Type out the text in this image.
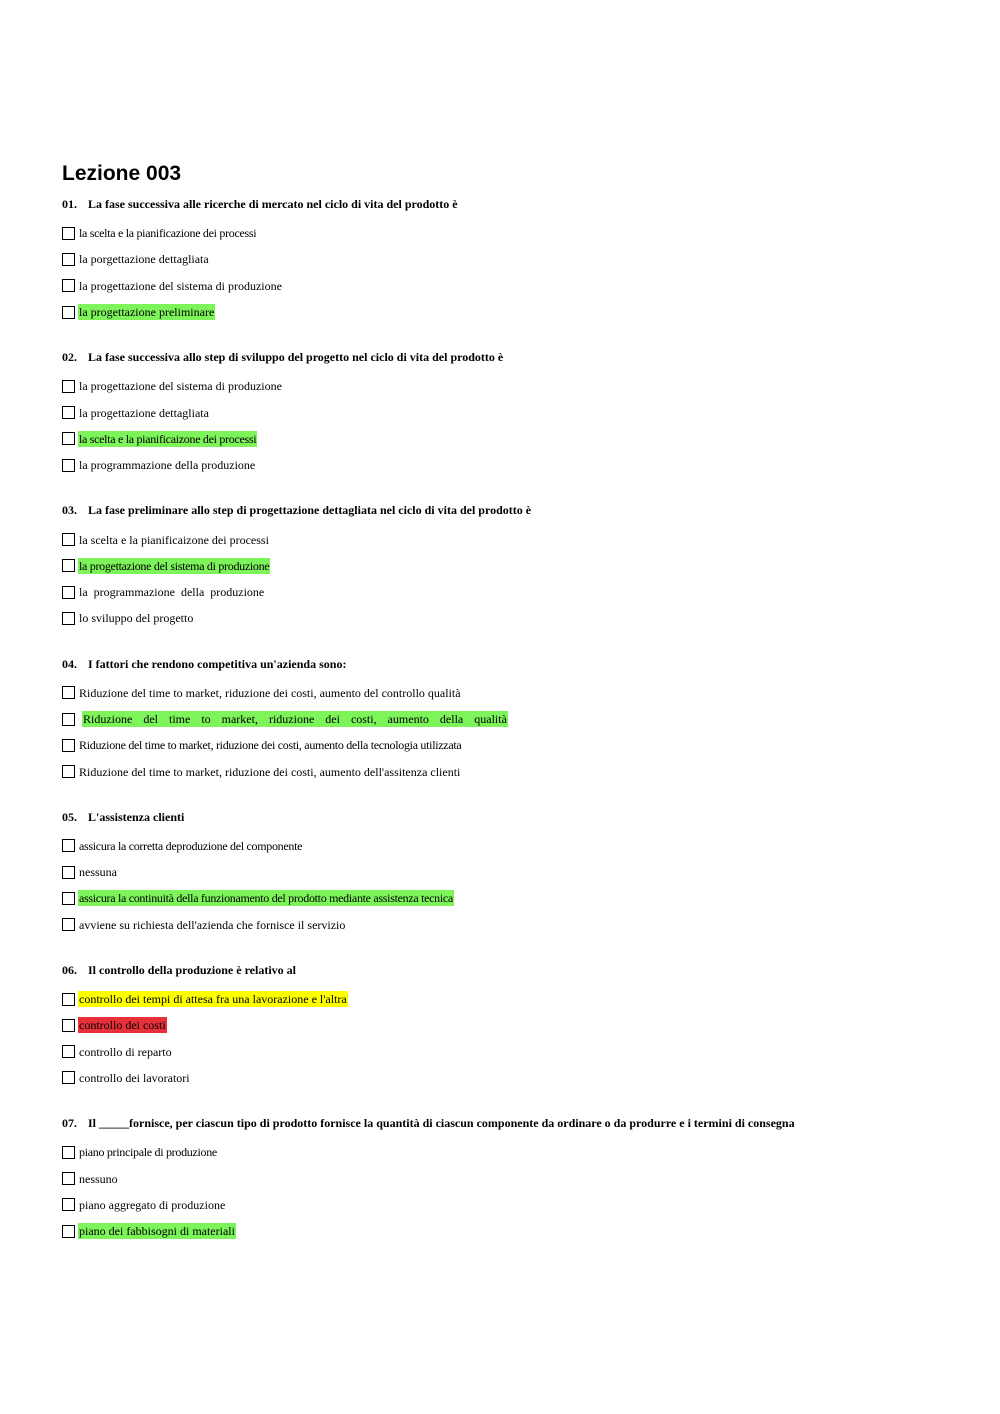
Lezione 003
01. La fase successiva alle ricerche di mercato nel ciclo di vita del prodotto è
la scelta e la pianificazione dei processi
la porgettazione dettagliata
la progettazione del sistema di produzione
la progettazione preliminare
02. La fase successiva allo step di sviluppo del progetto nel ciclo di vita del prodotto è
la progettazione del sistema di produzione
la progettazione dettagliata
la scelta e la pianificaizone dei processi
la programmazione della produzione
03. La fase preliminare allo step di progettazione dettagliata nel ciclo di vita del prodotto è
la scelta e la pianificaizone dei processi
la progettazione del sistema di produzione
la programmazione della produzione
lo sviluppo del progetto
04. I fattori che rendono competitiva un'azienda sono:
Riduzione del time to market, riduzione dei costi, aumento del controllo qualità
Riduzione del time to market, riduzione dei costi, aumento della qualità
Riduzione del time to market, riduzione dei costi, aumento della tecnologia utilizzata
Riduzione del time to market, riduzione dei costi, aumento dell'assitenza clienti
05. L'assistenza clienti
assicura la corretta deproduzione del componente
nessuna
assicura la continuità della funzionamento del prodotto mediante assistenza tecnica
avviene su richiesta dell'azienda che fornisce il servizio
06. Il controllo della produzione è relativo al
controllo dei tempi di attesa fra una lavorazione e l'altra
controllo dei costi
controllo di reparto
controllo dei lavoratori
07. Il _____fornisce, per ciascun tipo di prodotto fornisce la quantità di ciascun componente da ordinare o da produrre e i termini di consegna
piano principale di produzione
nessuno
piano aggregato di produzione
piano dei fabbisogni di materiali
